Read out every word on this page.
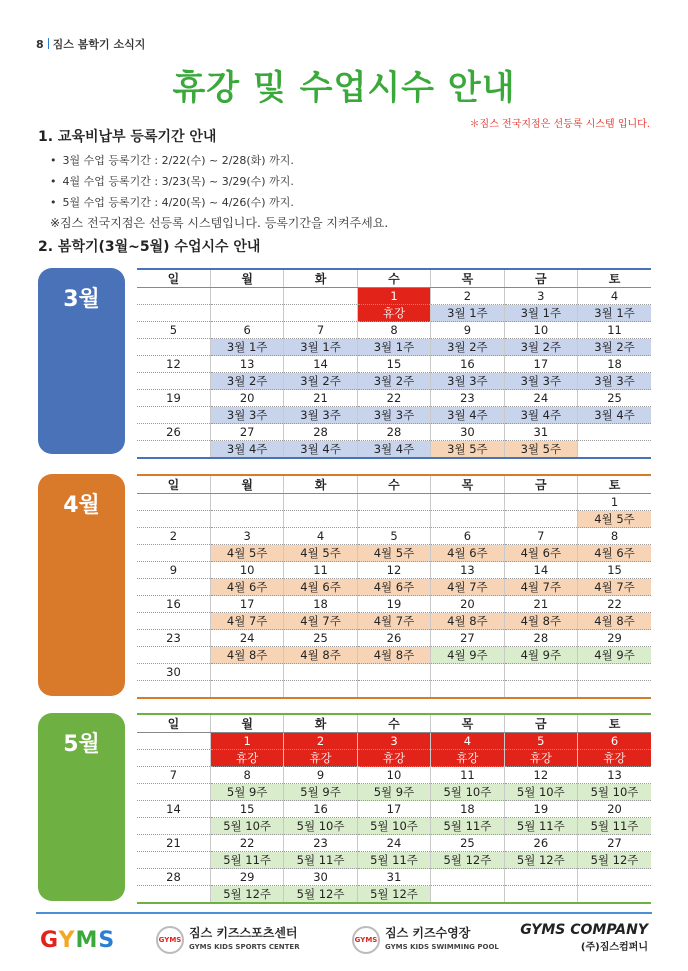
8 짐스 봄학기 소식지
휴강 및 수업시수 안내
＊짐스 전국지점은 선등록 시스템 입니다.
1. 교육비납부 등록기간 안내
• 3월 수업 등록기간 : 2/22(수) ~ 2/28(화) 까지.
• 4월 수업 등록기간 : 3/23(목) ~ 3/29(수) 까지.
• 5월 수업 등록기간 : 4/20(목) ~ 4/26(수) 까지.
※짐스 전국지점은 선등록 시스템입니다. 등록기간을 지켜주세요.
2. 봄학기(3월~5월) 수업시수 안내
3월
일	월	화	수	목	금	토
			1	2	3	4
			휴강	3월 1주	3월 1주	3월 1주
5	6	7	8	9	10	11
	3월 1주	3월 1주	3월 1주	3월 2주	3월 2주	3월 2주
12	13	14	15	16	17	18
	3월 2주	3월 2주	3월 2주	3월 3주	3월 3주	3월 3주
19	20	21	22	23	24	25
	3월 3주	3월 3주	3월 3주	3월 4주	3월 4주	3월 4주
26	27	28	28	30	31	
	3월 4주	3월 4주	3월 4주	3월 5주	3월 5주	
4월
일	월	화	수	목	금	토
						1
						4월 5주
2	3	4	5	6	7	8
	4월 5주	4월 5주	4월 5주	4월 6주	4월 6주	4월 6주
9	10	11	12	13	14	15
	4월 6주	4월 6주	4월 6주	4월 7주	4월 7주	4월 7주
16	17	18	19	20	21	22
	4월 7주	4월 7주	4월 7주	4월 8주	4월 8주	4월 8주
23	24	25	26	27	28	29
	4월 8주	4월 8주	4월 8주	4월 9주	4월 9주	4월 9주
30						

5월
일	월	화	수	목	금	토
	1	2	3	4	5	6
	휴강	휴강	휴강	휴강	휴강	휴강
7	8	9	10	11	12	13
	5월 9주	5월 9주	5월 9주	5월 10주	5월 10주	5월 10주
14	15	16	17	18	19	20
	5월 10주	5월 10주	5월 10주	5월 11주	5월 11주	5월 11주
21	22	23	24	25	26	27
	5월 11주	5월 11주	5월 11주	5월 12주	5월 12주	5월 12주
28	29	30	31			
	5월 12주	5월 12주	5월 12주			
GYMS	GYMS 짐스 키즈스포츠센터
GYMS KIDS SPORTS CENTER
GYMS 짐스 키즈수영장
GYMS KIDS SWIMMING POOL
GYMS COMPANY
(주)짐스컴퍼니
